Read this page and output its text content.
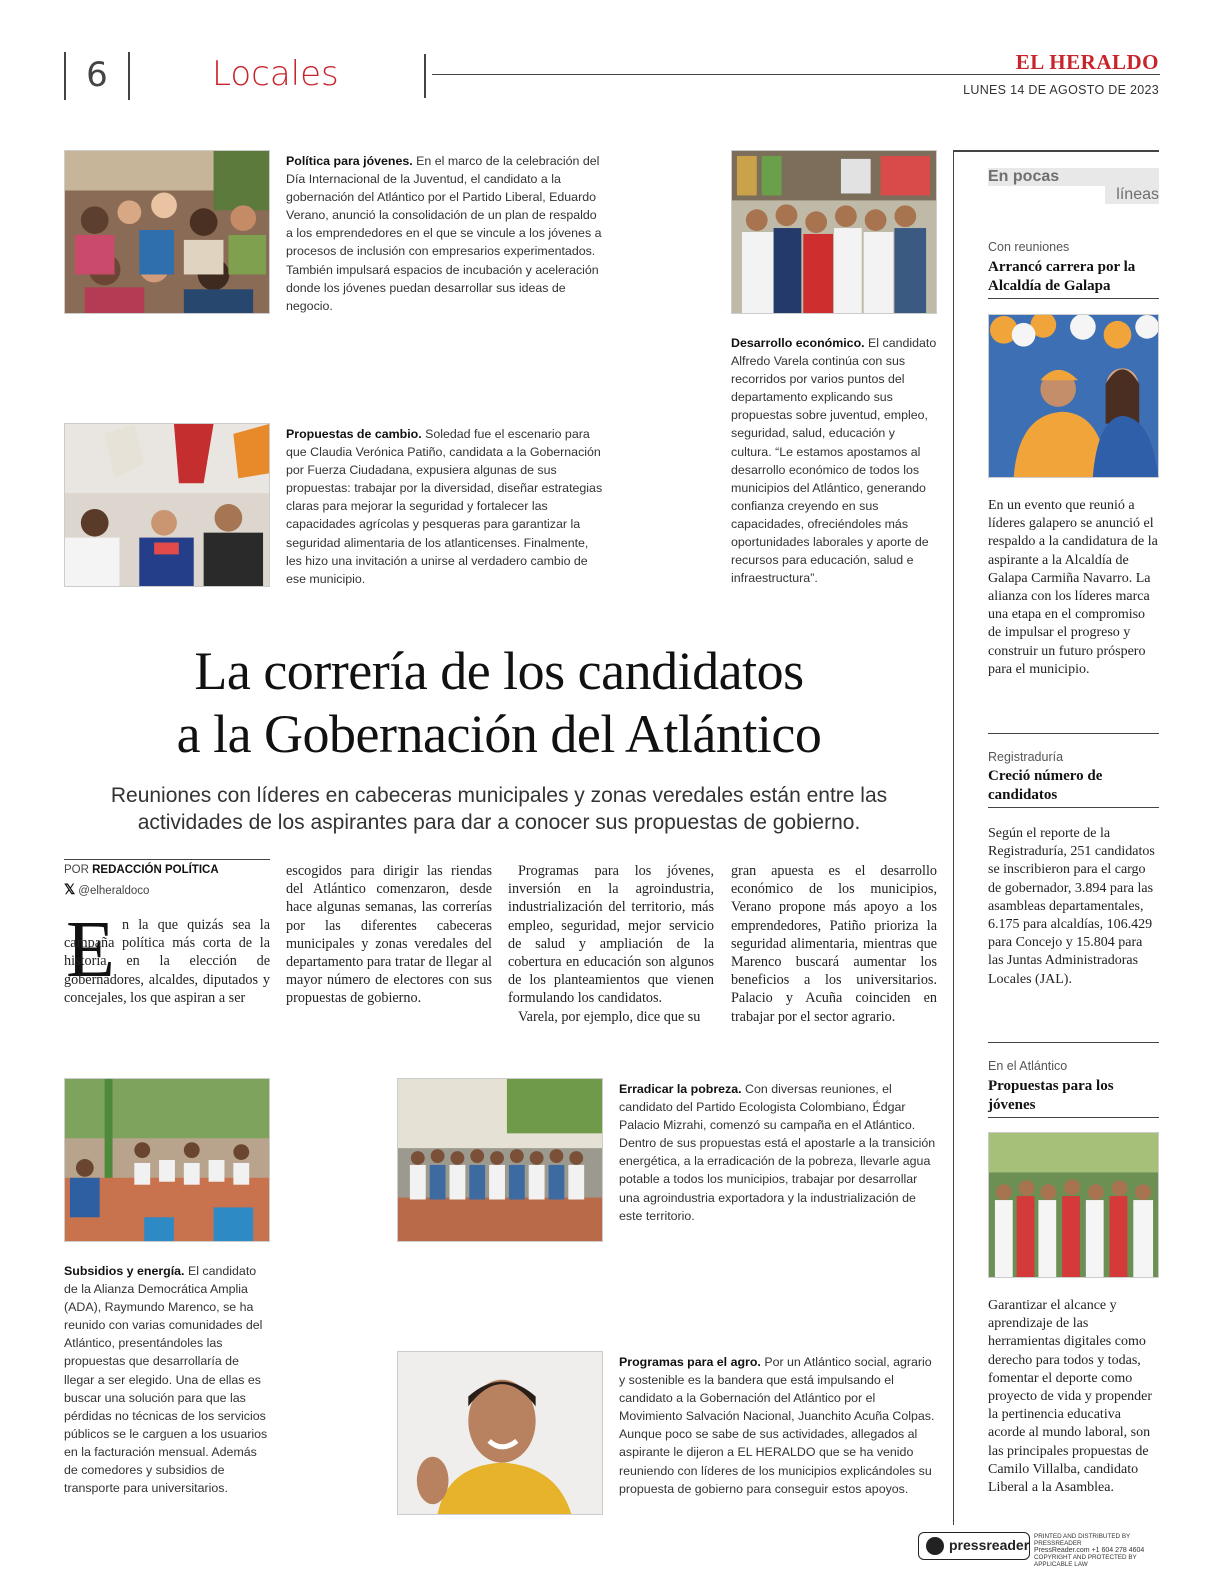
6	Locales	EL HERALDO
LUNES 14 DE AGOSTO DE 2023
Política para jóvenes. En el marco de la celebración del Día Internacional de la Juventud, el candidato a la gobernación del Atlántico por el Partido Liberal, Eduardo Verano, anunció la consolidación de un plan de respaldo a los emprendedores en el que se vincule a los jóvenes a procesos de inclusión con empresarios experimentados. También impulsará espacios de incubación y aceleración donde los jóvenes puedan desarrollar sus ideas de negocio.
Propuestas de cambio. Soledad fue el escenario para que Claudia Verónica Patiño, candidata a la Gobernación por Fuerza Ciudadana, expusiera algunas de sus propuestas: trabajar por la diversidad, diseñar estrategias claras para mejorar la seguridad y fortalecer las capacidades agrícolas y pesqueras para garantizar la seguridad alimentaria de los atlanticenses. Finalmente, les hizo una invitación a unirse al verdadero cambio de ese municipio.
Desarrollo económico. El candidato Alfredo Varela continúa con sus recorridos por varios puntos del departamento explicando sus propuestas sobre juventud, empleo, seguridad, salud, educación y cultura. “Le estamos apostamos al desarrollo económico de todos los municipios del Atlántico, generando confianza creyendo en sus capacidades, ofreciéndoles más oportunidades laborales y aporte de recursos para educación, salud e infraestructura”.
La correría de los candidatos
a la Gobernación del Atlántico
Reuniones con líderes en cabeceras municipales y zonas veredales están entre las actividades de los aspirantes para dar a conocer sus propuestas de gobierno.
POR REDACCIÓN POLÍTICA
𝕏 @elheraldoco
E n la que quizás sea la campaña política más corta de la historia en la elección de gobernadores, alcaldes, diputados y concejales, los que aspiran a ser
escogidos para dirigir las riendas del Atlántico comenzaron, desde hace algunas semanas, las correrías por las diferentes cabeceras municipales y zonas veredales del departamento para tratar de llegar al mayor número de electores con sus propuestas de gobierno.

Programas para los jóvenes, inversión en la agroindustria, industrialización del territorio, más empleo, seguridad, mejor servicio de salud y ampliación de la cobertura en educación son algunos de los planteamientos que vienen formulando los candidatos.

Varela, por ejemplo, dice que su

gran apuesta es el desarrollo económico de los municipios, Verano propone más apoyo a los emprendedores, Patiño prioriza la seguridad alimentaria, mientras que Marenco buscará aumentar los beneficios a los universitarios. Palacio y Acuña coinciden en trabajar por el sector agrario.
Subsidios y energía. El candidato de la Alianza Democrática Amplia (ADA), Raymundo Marenco, se ha reunido con varias comunidades del Atlántico, presentándoles las propuestas que desarrollaría de llegar a ser elegido. Una de ellas es buscar una solución para que las pérdidas no técnicas de los servicios públicos se le carguen a los usuarios en la facturación mensual. Además de comedores y subsidios de transporte para universitarios.
Erradicar la pobreza. Con diversas reuniones, el candidato del Partido Ecologista Colombiano, Édgar Palacio Mizrahi, comenzó su campaña en el Atlántico. Dentro de sus propuestas está el apostarle a la transición energética, a la erradicación de la pobreza, llevarle agua potable a todos los municipios, trabajar por desarrollar una agroindustria exportadora y la industrialización de este territorio.
Programas para el agro. Por un Atlántico social, agrario y sostenible es la bandera que está impulsando el candidato a la Gobernación del Atlántico por el Movimiento Salvación Nacional, Juanchito Acuña Colpas. Aunque poco se sabe de sus actividades, allegados al aspirante le dijeron a EL HERALDO que se ha venido reuniendo con líderes de los municipios explicándoles su propuesta de gobierno para conseguir estos apoyos.
En pocas
líneas
Con reuniones
Arrancó carrera por la Alcaldía de Galapa
En un evento que reunió a líderes galapero se anunció el respaldo a la candidatura de la aspirante a la Alcaldía de Galapa Carmiña Navarro. La alianza con los líderes marca una etapa en el compromiso de impulsar el progreso y construir un futuro próspero para el municipio.
Registraduría
Creció número de candidatos
Según el reporte de la Registraduría, 251 candidatos se inscribieron para el cargo de gobernador, 3.894 para las asambleas departamentales, 6.175 para alcaldías, 106.429 para Concejo y 15.804 para las Juntas Administradoras Locales (JAL).
En el Atlántico
Propuestas para los jóvenes
Garantizar el alcance y aprendizaje de las herramientas digitales como derecho para todos y todas, fomentar el deporte como proyecto de vida y propender la pertinencia educativa acorde al mundo laboral, son las principales propuestas de Camilo Villalba, candidato Liberal a la Asamblea.
pressreader
PRINTED AND DISTRIBUTED BY PRESSREADER
PressReader.com +1 604 278 4604
COPYRIGHT AND PROTECTED BY APPLICABLE LAW
